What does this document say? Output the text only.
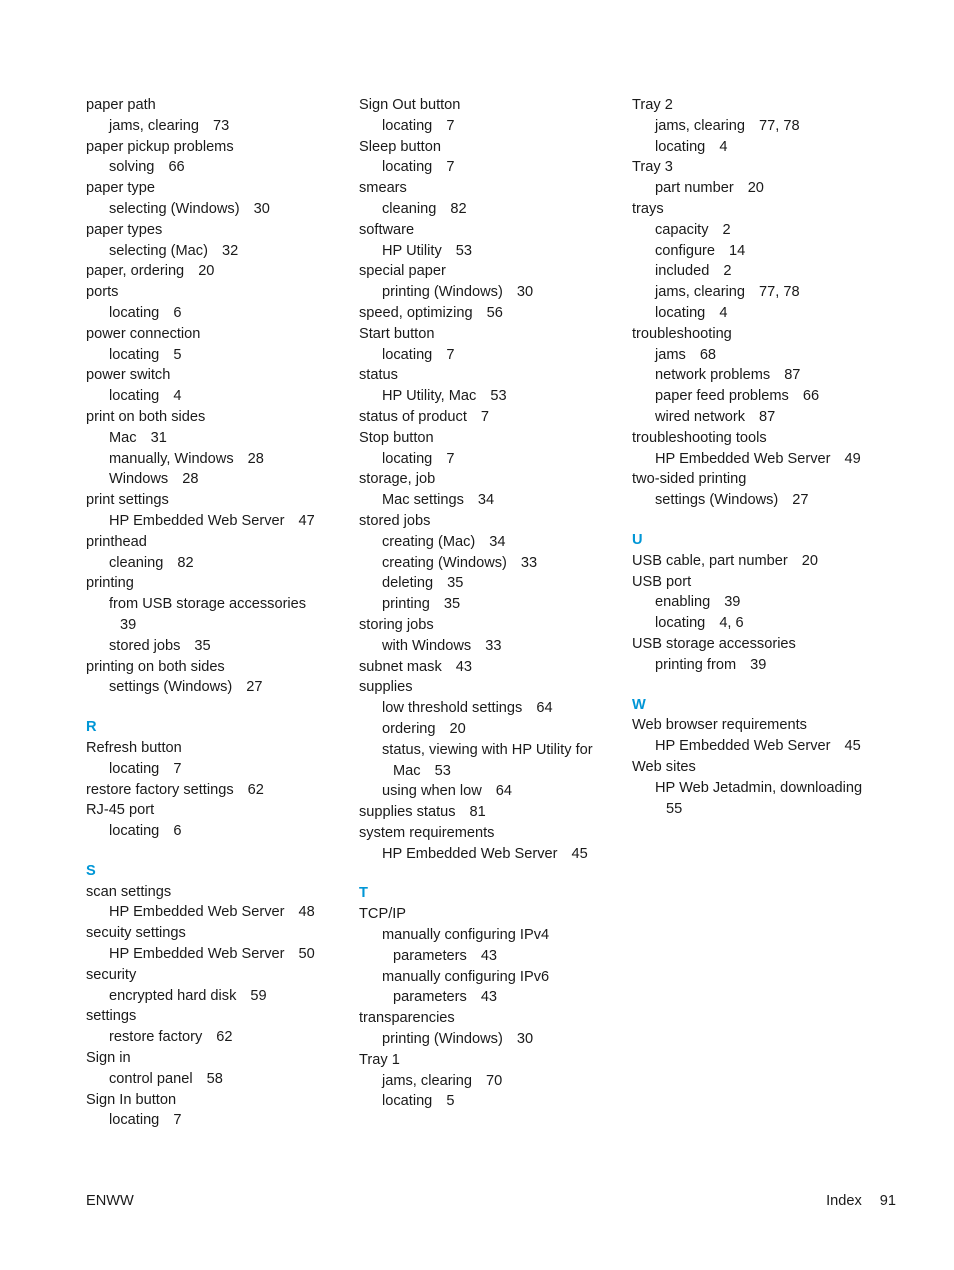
paper path
jams, clearing 73
paper pickup problems
solving 66
paper type
selecting (Windows) 30
paper types
selecting (Mac) 32
paper, ordering 20
ports
locating 6
power connection
locating 5
power switch
locating 4
print on both sides
Mac 31
manually, Windows 28
Windows 28
print settings
HP Embedded Web Server 47
printhead
cleaning 82
printing
from USB storage accessories
39
stored jobs 35
printing on both sides
settings (Windows) 27
R
Refresh button
locating 7
restore factory settings 62
RJ-45 port
locating 6
S
scan settings
HP Embedded Web Server 48
secuity settings
HP Embedded Web Server 50
security
encrypted hard disk 59
settings
restore factory 62
Sign in
control panel 58
Sign In button
locating 7
Sign Out button
locating 7
Sleep button
locating 7
smears
cleaning 82
software
HP Utility 53
special paper
printing (Windows) 30
speed, optimizing 56
Start button
locating 7
status
HP Utility, Mac 53
status of product 7
Stop button
locating 7
storage, job
Mac settings 34
stored jobs
creating (Mac) 34
creating (Windows) 33
deleting 35
printing 35
storing jobs
with Windows 33
subnet mask 43
supplies
low threshold settings 64
ordering 20
status, viewing with HP Utility for
Mac 53
using when low 64
supplies status 81
system requirements
HP Embedded Web Server 45
T
TCP/IP
manually configuring IPv4
parameters 43
manually configuring IPv6
parameters 43
transparencies
printing (Windows) 30
Tray 1
jams, clearing 70
locating 5
Tray 2
jams, clearing 77, 78
locating 4
Tray 3
part number 20
trays
capacity 2
configure 14
included 2
jams, clearing 77, 78
locating 4
troubleshooting
jams 68
network problems 87
paper feed problems 66
wired network 87
troubleshooting tools
HP Embedded Web Server 49
two-sided printing
settings (Windows) 27
U
USB cable, part number 20
USB port
enabling 39
locating 4, 6
USB storage accessories
printing from 39
W
Web browser requirements
HP Embedded Web Server 45
Web sites
HP Web Jetadmin, downloading
55
ENWW	Index 91
